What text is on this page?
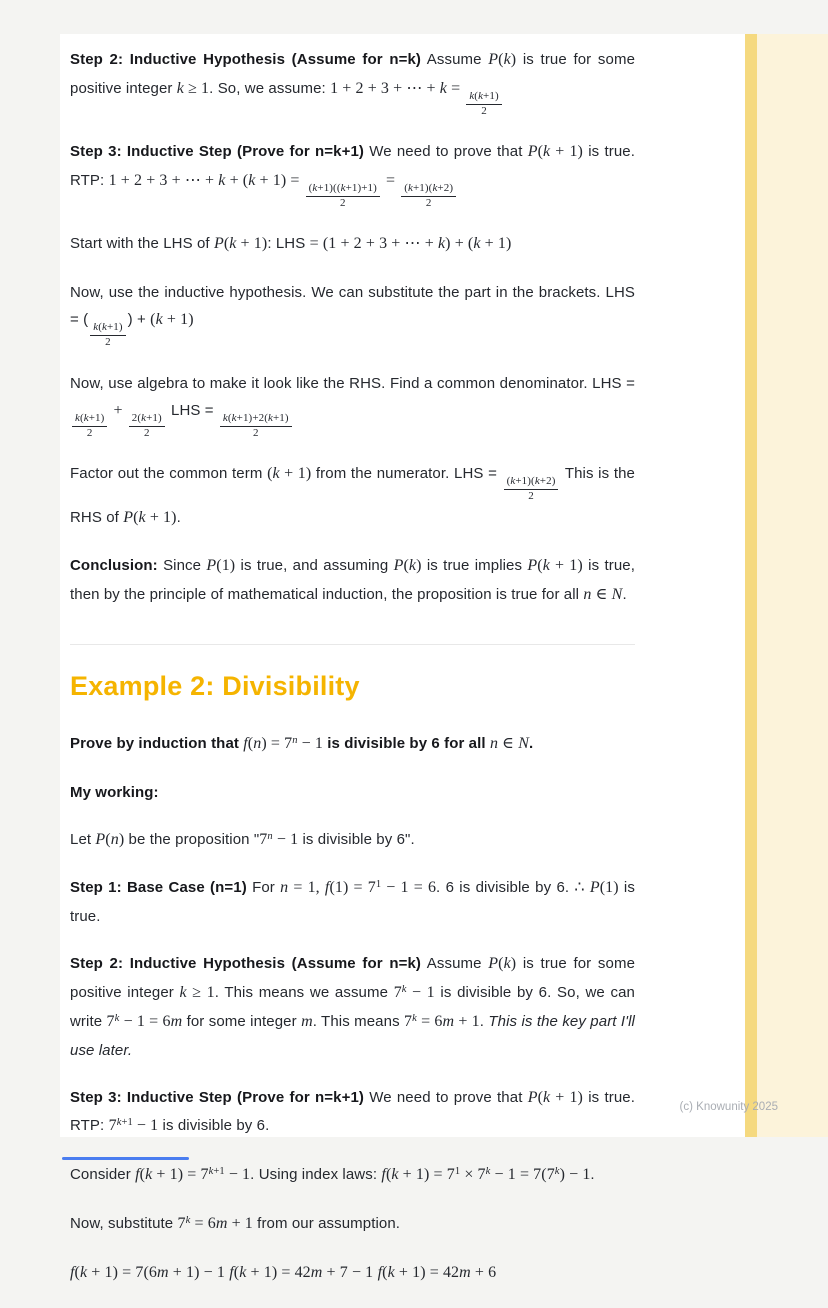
Step 2: Inductive Hypothesis (Assume for n=k) Assume P(k) is true for some positive integer k ≥ 1. So, we assume: 1 + 2 + 3 + ⋯ + k =
$\frac{k(k+1)}{2}$

Step 3: Inductive Step (Prove for n=k+1) We need to prove that P(k + 1) is true. RTP: 1 + 2 + 3 + ⋯ + k + (k + 1) =
$\frac{(k+1)((k+1)+1)}{2}$
=
$\frac{(k+1)(k+2)}{2}$

Start with the LHS of P(k + 1): LHS = (1 + 2 + 3 + ⋯ + k) + (k + 1)

Now, use the inductive hypothesis. We can substitute the part in the brackets. LHS = (
$\frac{k(k+1)}{2}$
) + (k + 1)

Now, use algebra to make it look like the RHS. Find a common denominator. LHS =
$\frac{k(k+1)}{2}$
+
$\frac{2(k+1)}{2}$
LHS =
$\frac{k(k+1)+2(k+1)}{2}$

Factor out the common term (k + 1) from the numerator. LHS =
$\frac{(k+1)(k+2)}{2}$
This is the RHS of P(k + 1).

Conclusion: Since P(1) is true, and assuming P(k) is true implies P(k + 1) is true, then by the principle of mathematical induction, the proposition is true for all n ∈ N.

Example 2: Divisibility

Prove by induction that $f(n) = 7^n - 1$ is divisible by 6 for all n ∈ N.

My working:

Let P(n) be the proposition "$7^n - 1$ is divisible by 6".

Step 1: Base Case (n=1) For n = 1, $f(1) = 7^1 - 1 = 6$. 6 is divisible by 6. ∴ P(1) is true.

Step 2: Inductive Hypothesis (Assume for n=k) Assume P(k) is true for some positive integer k ≥ 1. This means we assume $7^k - 1$ is divisible by 6. So, we can write $7^k - 1 = 6m$ for some integer m. This means $7^k = 6m + 1$. This is the key part I'll use later.

Step 3: Inductive Step (Prove for n=k+1) We need to prove that P(k + 1) is true. RTP: $7^{k+1} - 1$ is divisible by 6.

Consider $f(k + 1) = 7^{k+1} - 1$. Using index laws: $f(k + 1) = 7^1 \times 7^k - 1 = 7(7^k) - 1$.

Now, substitute $7^k = 6m + 1$ from our assumption.

f(k + 1) = 7(6m + 1) − 1 f(k + 1) = 42m + 7 − 1 f(k + 1) = 42m + 6

(c) Knowunity 2025
